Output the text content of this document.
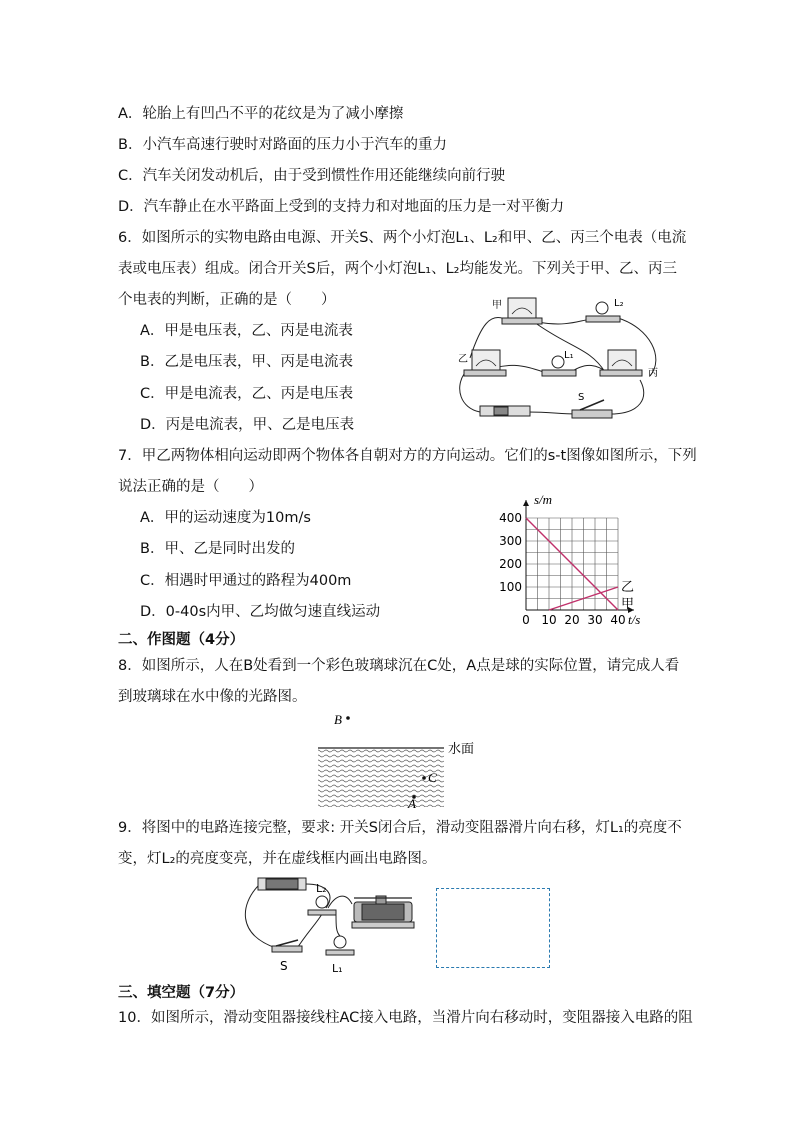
A．轮胎上有凹凸不平的花纹是为了减小摩擦
B．小汽车高速行驶时对路面的压力小于汽车的重力
C．汽车关闭发动机后，由于受到惯性作用还能继续向前行驶
D．汽车静止在水平路面上受到的支持力和对地面的压力是一对平衡力
6．如图所示的实物电路由电源、开关S、两个小灯泡L₁、L₂和甲、乙、丙三个电表（电流
表或电压表）组成。闭合开关S后，两个小灯泡L₁、L₂均能发光。下列关于甲、乙、丙三
个电表的判断，正确的是（　　）
A．甲是电压表，乙、丙是电流表
B．乙是电压表，甲、丙是电流表
C．甲是电流表，乙、丙是电压表
D．丙是电流表，甲、乙是电压表
甲	L₂
乙	L₁
丙
S
7．甲乙两物体相向运动即两个物体各自朝对方的方向运动。它们的s-t图像如图所示，下列
说法正确的是（　　）
A．甲的运动速度为10m/s
B．甲、乙是同时出发的
C．相遇时甲通过的路程为400m
D．0-40s内甲、乙均做匀速直线运动	0 10 20 30 40
100
200
300
400
s/m
t/s
甲
乙
二、作图题（4分）
8．如图所示，人在B处看到一个彩色玻璃球沉在C处，A点是球的实际位置，请完成人看
到玻璃球在水中像的光路图。
B
水面
C
A
9．将图中的电路连接完整，要求: 开关S闭合后，滑动变阻器滑片向右移，灯L₁的亮度不
变，灯L₂的亮度变亮，并在虚线框内画出电路图。
L₂
L₁
S
三、填空题（7分）
10．如图所示，滑动变阻器接线柱AC接入电路，当滑片向右移动时，变阻器接入电路的阻
